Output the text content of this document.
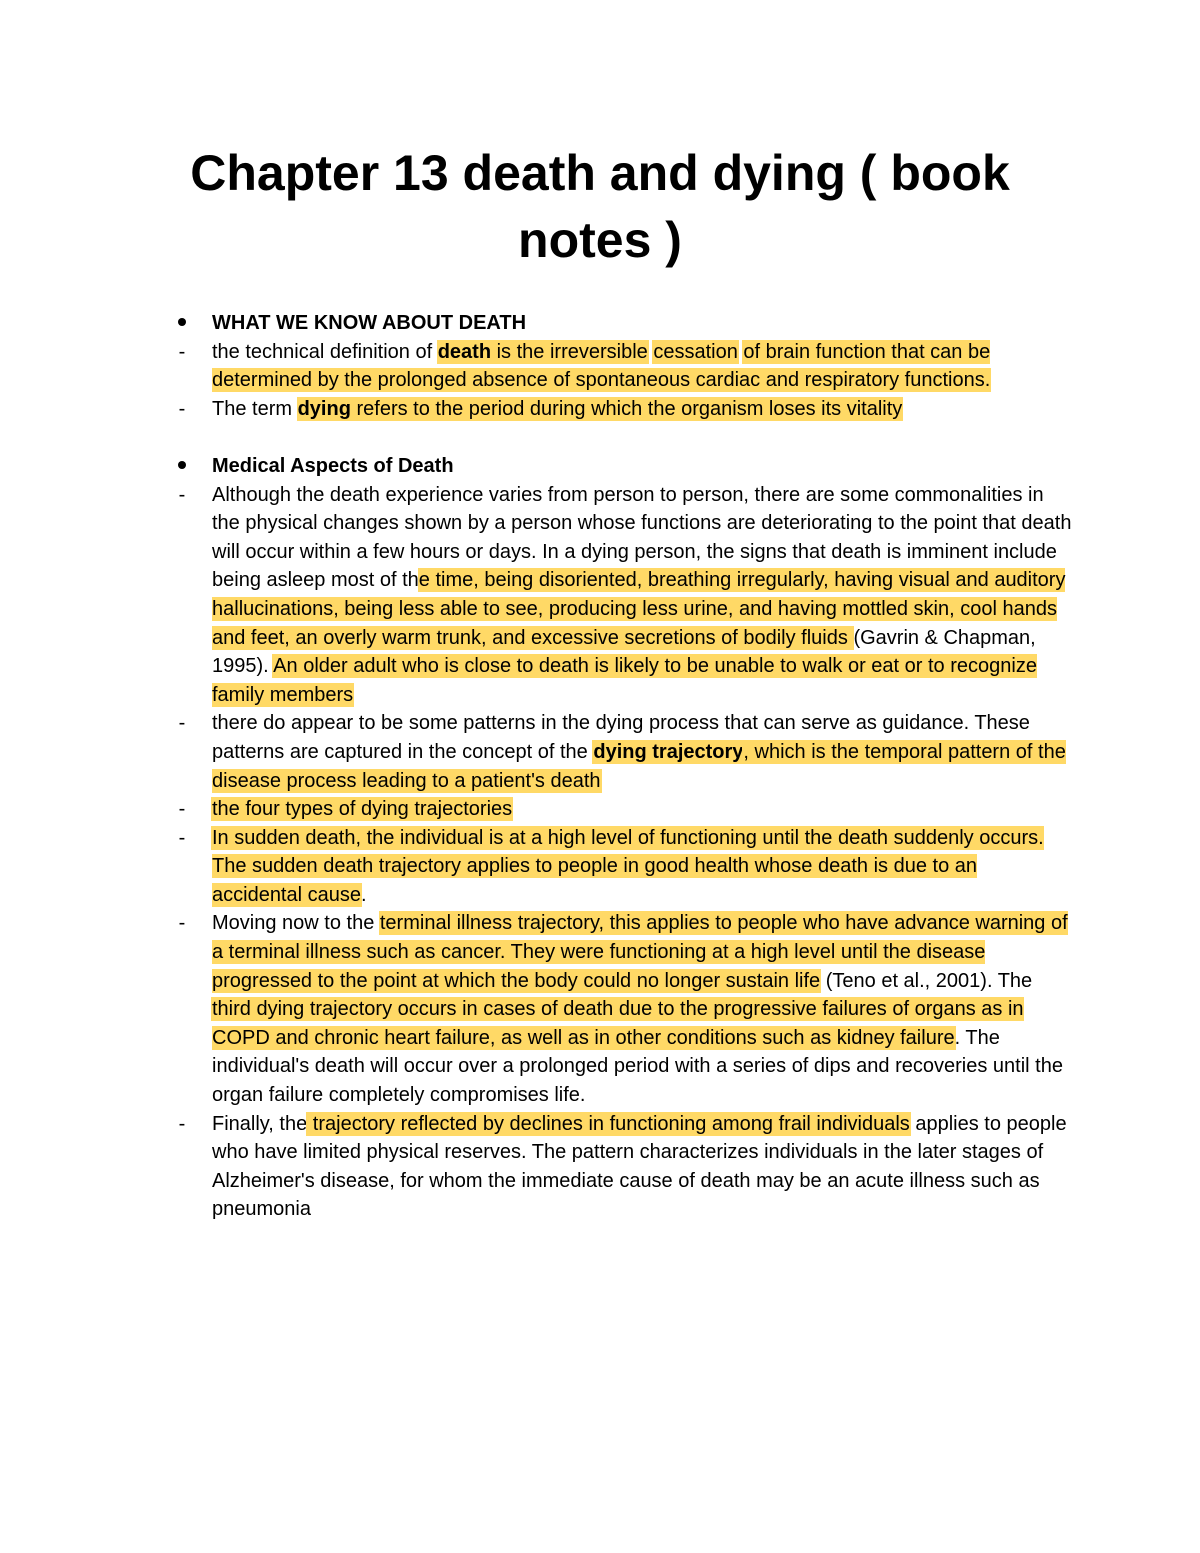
Chapter 13 death and dying ( book notes )
WHAT WE KNOW ABOUT DEATH
-	the technical definition of death is the irreversible cessation of brain function that can be determined by the prolonged absence of spontaneous cardiac and respiratory functions.
-	The term dying refers to the period during which the organism loses its vitality
Medical Aspects of Death
-	Although the death experience varies from person to person, there are some commonalities in the physical changes shown by a person whose functions are deteriorating to the point that death will occur within a few hours or days. In a dying person, the signs that death is imminent include being asleep most of the time, being disoriented, breathing irregularly, having visual and auditory hallucinations, being less able to see, producing less urine, and having mottled skin, cool hands and feet, an overly warm trunk, and excessive secretions of bodily fluids (Gavrin & Chapman, 1995). An older adult who is close to death is likely to be unable to walk or eat or to recognize family members
-	there do appear to be some patterns in the dying process that can serve as guidance. These patterns are captured in the concept of the dying trajectory, which is the temporal pattern of the disease process leading to a patient's death
-	the four types of dying trajectories
-	In sudden death, the individual is at a high level of functioning until the death suddenly occurs. The sudden death trajectory applies to people in good health whose death is due to an accidental cause.
-	Moving now to the terminal illness trajectory, this applies to people who have advance warning of a terminal illness such as cancer. They were functioning at a high level until the disease progressed to the point at which the body could no longer sustain life (Teno et al., 2001). The third dying trajectory occurs in cases of death due to the progressive failures of organs as in COPD and chronic heart failure, as well as in other conditions such as kidney failure. The individual's death will occur over a prolonged period with a series of dips and recoveries until the organ failure completely compromises life.
-	Finally, the trajectory reflected by declines in functioning among frail individuals applies to people who have limited physical reserves. The pattern characterizes individuals in the later stages of Alzheimer's disease, for whom the immediate cause of death may be an acute illness such as pneumonia
